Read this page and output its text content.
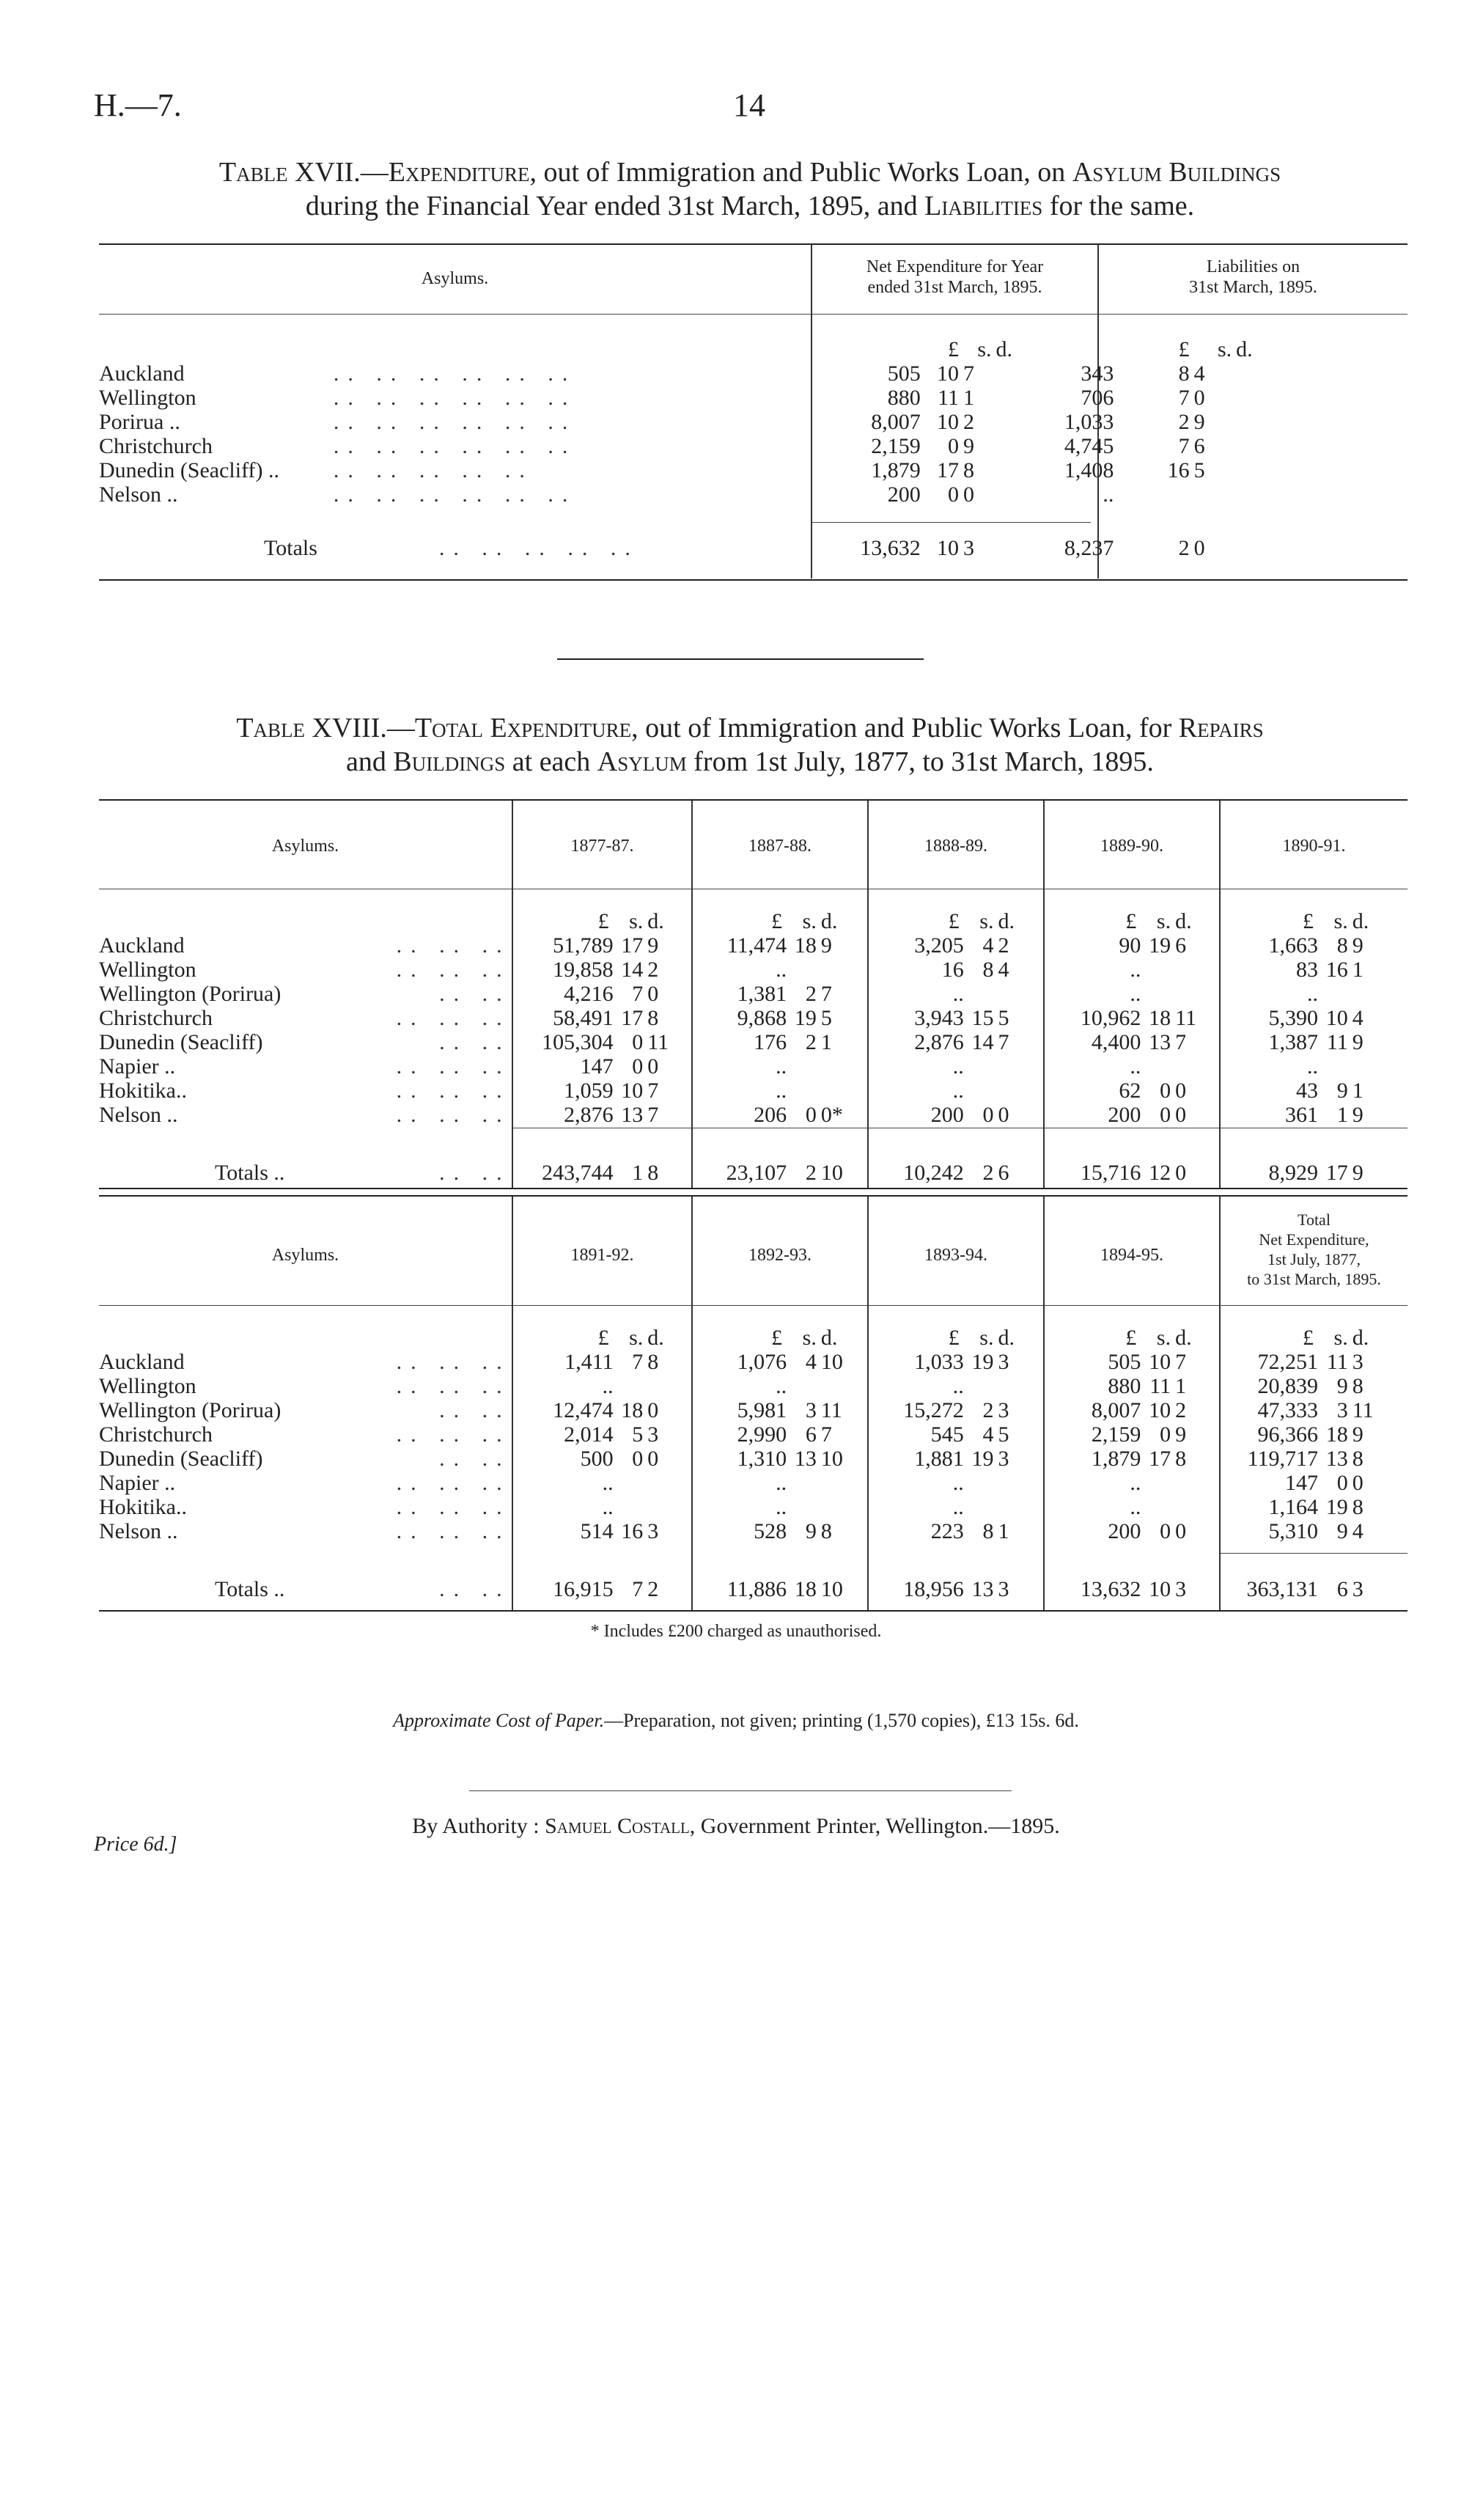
H.—7.	14
Table XVII.—Expenditure, out of Immigration and Public Works Loan, on Asylum Buildings
during the Financial Year ended 31st March, 1895, and Liabilities for the same.
Asylums.
Net Expenditure for Year
ended 31st March, 1895.
Liabilities on
31st March, 1895.
			£	s.	d.	£	s.	d.
Auckland	.. .. .. .. .. ..	505	10	7	343	8	4	
Wellington	.. .. .. .. .. ..	880	11	1	706	7	0	
Porirua ..	.. .. .. .. .. ..	8,007	10	2	1,033	2	9	
Christchurch	.. .. .. .. .. ..	2,159	0	9	4,745	7	6	
Dunedin (Seacliff) ..	.. .. .. .. ..	1,879	17	8	1,408	16	5	
Nelson ..	.. .. .. .. .. ..	200	0	0	..			

Totals	.. .. .. .. ..	13,632	10	3	8,237	2	0	
Table XVIII.—Total Expenditure, out of Immigration and Public Works Loan, for Repairs
and Buildings at each Asylum from 1st July, 1877, to 31st March, 1895.
Asylums.	1877-87.	1887-88.	1888-89.	1889-90.	1890-91.
		£	s.	d.	£	s.	d.	£	s.	d.	£	s.	d.	£	s.	d.
Auckland	.. .. ..	51,789	17	9	11,474	18	9	3,205	4	2	90	19	6	1,663	8	9
Wellington	.. .. ..	19,858	14	2	..			16	8	4	..			83	16	1
Wellington (Porirua)	.. ..	4,216	7	0	1,381	2	7	..			..			..		
Christchurch	.. .. ..	58,491	17	8	9,868	19	5	3,943	15	5	10,962	18	11	5,390	10	4
Dunedin (Seacliff)	.. ..	105,304	0	11	176	2	1	2,876	14	7	4,400	13	7	1,387	11	9
Napier ..	.. .. ..	147	0	0	..			..			..			..		
Hokitika..	.. .. ..	1,059	10	7	..			..			62	0	0	43	9	1
Nelson ..	.. .. ..	2,876	13	7	206	0	0*	200	0	0	200	0	0	361	1	9

Totals ..	.. ..	243,744	1	8	23,107	2	10	10,242	2	6	15,716	12	0	8,929	17	9
Asylums.	1891-92.	1892-93.	1893-94.	1894-95.
Total
Net Expenditure,
1st July, 1877,
to 31st March, 1895.
		£	s.	d.	£	s.	d.	£	s.	d.	£	s.	d.	£	s.	d.
Auckland	.. .. ..	1,411	7	8	1,076	4	10	1,033	19	3	505	10	7	72,251	11	3
Wellington	.. .. ..	..			..			..			880	11	1	20,839	9	8
Wellington (Porirua)	.. ..	12,474	18	0	5,981	3	11	15,272	2	3	8,007	10	2	47,333	3	11
Christchurch	.. .. ..	2,014	5	3	2,990	6	7	545	4	5	2,159	0	9	96,366	18	9
Dunedin (Seacliff)	.. ..	500	0	0	1,310	13	10	1,881	19	3	1,879	17	8	119,717	13	8
Napier ..	.. .. ..	..			..			..			..			147	0	0
Hokitika..	.. .. ..	..			..			..			..			1,164	19	8
Nelson ..	.. .. ..	514	16	3	528	9	8	223	8	1	200	0	0	5,310	9	4

Totals ..	.. ..	16,915	7	2	11,886	18	10	18,956	13	3	13,632	10	3	363,131	6	3
* Includes £200 charged as unauthorised.
Approximate Cost of Paper.—Preparation, not given; printing (1,570 copies), £13 15s. 6d.
Price 6d.]
By Authority : Samuel Costall, Government Printer, Wellington.—1895.
